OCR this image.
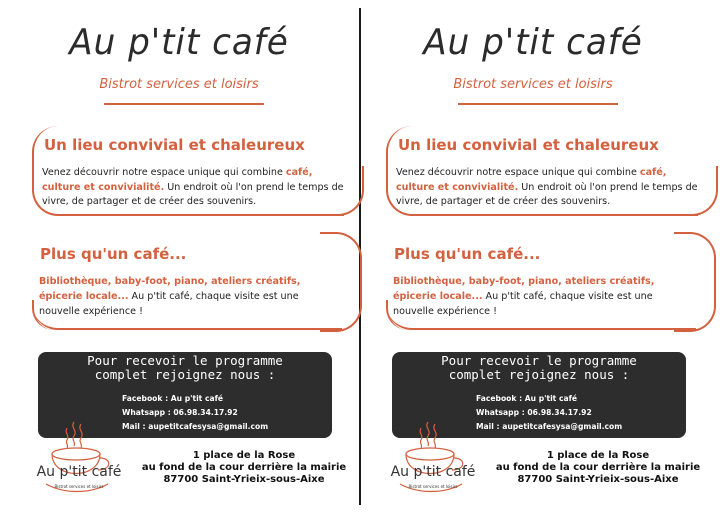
Au p'tit café
Bistrot services et loisirs
Un lieu convivial et chaleureux
Venez découvrir notre espace unique qui combine café, culture et convivialité. Un endroit où l'on prend le temps de vivre, de partager et de créer des souvenirs.
Plus qu'un café...
Bibliothèque, baby-foot, piano, ateliers créatifs, épicerie locale... Au p'tit café, chaque visite est une nouvelle expérience !
Pour recevoir le programme
complet rejoignez nous :
Facebook : Au p'tit café
Whatsapp : 06.98.34.17.92
Mail : aupetitcafesysa@gmail.com
Au p'tit café
Bistrot services et loisirs
1 place de la Rose
au fond de la cour derrière la mairie
87700 Saint-Yrieix-sous-Aixe
Au p'tit café
Bistrot services et loisirs
Un lieu convivial et chaleureux
Venez découvrir notre espace unique qui combine café, culture et convivialité. Un endroit où l'on prend le temps de vivre, de partager et de créer des souvenirs.
Plus qu'un café...
Bibliothèque, baby-foot, piano, ateliers créatifs, épicerie locale... Au p'tit café, chaque visite est une nouvelle expérience !
Pour recevoir le programme
complet rejoignez nous :
Facebook : Au p'tit café
Whatsapp : 06.98.34.17.92
Mail : aupetitcafesysa@gmail.com
Au p'tit café
Bistrot services et loisirs
1 place de la Rose
au fond de la cour derrière la mairie
87700 Saint-Yrieix-sous-Aixe
